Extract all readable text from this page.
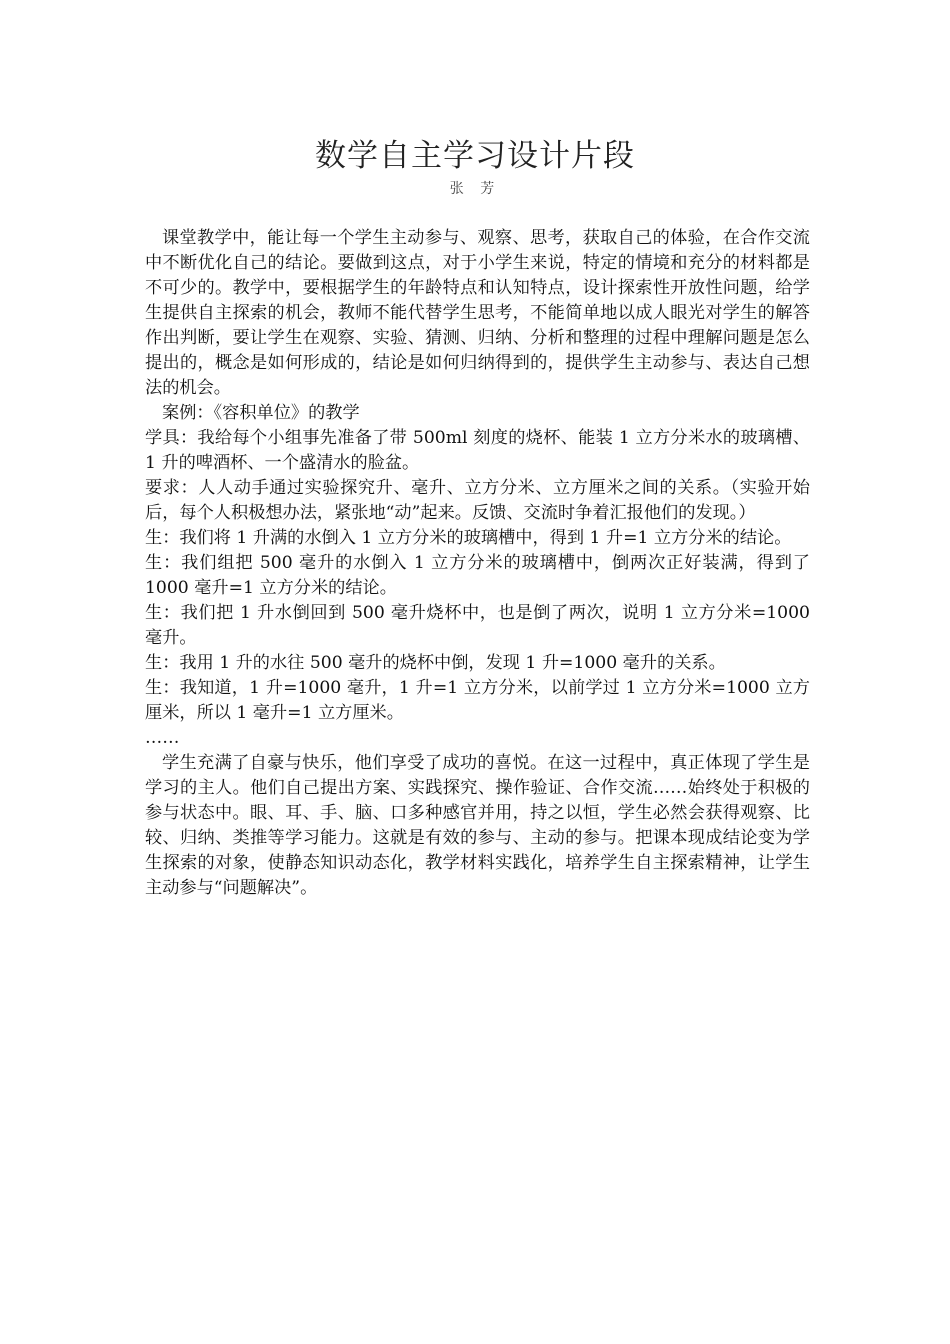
数学自主学习设计片段
张 芳

课堂教学中，能让每一个学生主动参与、观察、思考，获取自己的体验，在合作交流中不断优化自己的结论。要做到这点，对于小学生来说，特定的情境和充分的材料都是不可少的。教学中，要根据学生的年龄特点和认知特点，设计探索性开放性问题，给学生提供自主探索的机会，教师不能代替学生思考，不能简单地以成人眼光对学生的解答作出判断，要让学生在观察、实验、猜测、归纳、分析和整理的过程中理解问题是怎么提出的，概念是如何形成的，结论是如何归纳得到的，提供学生主动参与、表达自己想法的机会。

案例：《容积单位》的教学

学具：我给每个小组事先准备了带 500ml 刻度的烧杯、能装 1 立方分米水的玻璃槽、1 升的啤酒杯、一个盛清水的脸盆。

要求：人人动手通过实验探究升、毫升、立方分米、立方厘米之间的关系。（实验开始后，每个人积极想办法，紧张地“动”起来。反馈、交流时争着汇报他们的发现。）

生：我们将 1 升满的水倒入 1 立方分米的玻璃槽中，得到 1 升=1 立方分米的结论。

生：我们组把 500 毫升的水倒入 1 立方分米的玻璃槽中，倒两次正好装满，得到了 1000 毫升=1 立方分米的结论。

生：我们把 1 升水倒回到 500 毫升烧杯中，也是倒了两次，说明 1 立方分米=1000 毫升。

生：我用 1 升的水往 500 毫升的烧杯中倒，发现 1 升=1000 毫升的关系。

生：我知道，1 升=1000 毫升，1 升=1 立方分米，以前学过 1 立方分米=1000 立方厘米，所以 1 毫升=1 立方厘米。

……

学生充满了自豪与快乐，他们享受了成功的喜悦。在这一过程中，真正体现了学生是学习的主人。他们自己提出方案、实践探究、操作验证、合作交流……始终处于积极的参与状态中。眼、耳、手、脑、口多种感官并用，持之以恒，学生必然会获得观察、比较、归纳、类推等学习能力。这就是有效的参与、主动的参与。把课本现成结论变为学生探索的对象，使静态知识动态化，教学材料实践化，培养学生自主探索精神，让学生主动参与“问题解决”。
